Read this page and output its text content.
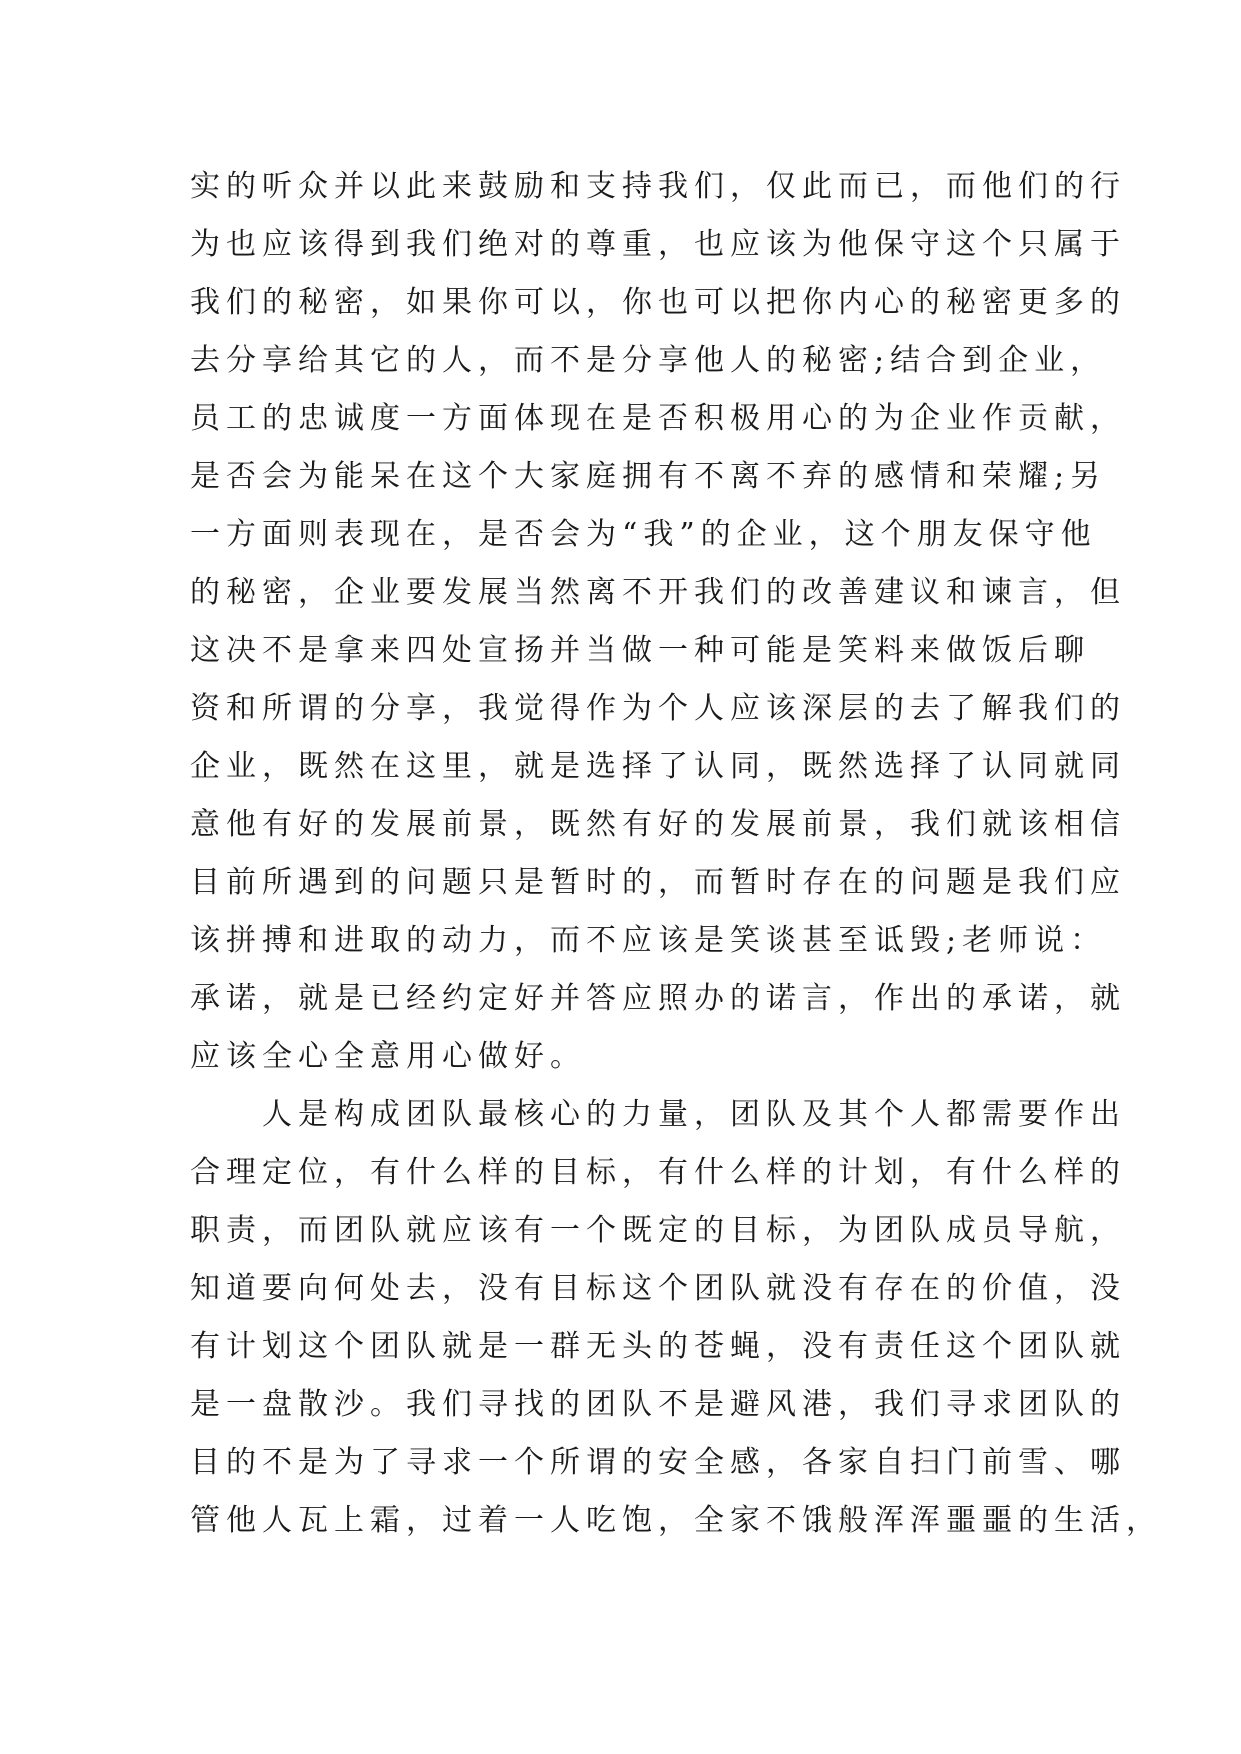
实的听众并以此来鼓励和支持我们，仅此而已，而他们的行
为也应该得到我们绝对的尊重，也应该为他保守这个只属于
我们的秘密，如果你可以，你也可以把你内心的秘密更多的
去分享给其它的人，而不是分享他人的秘密;结合到企业，
员工的忠诚度一方面体现在是否积极用心的为企业作贡献，
是否会为能呆在这个大家庭拥有不离不弃的感情和荣耀;另
一方面则表现在，是否会为“我”的企业，这个朋友保守他
的秘密，企业要发展当然离不开我们的改善建议和谏言，但
这决不是拿来四处宣扬并当做一种可能是笑料来做饭后聊
资和所谓的分享，我觉得作为个人应该深层的去了解我们的
企业，既然在这里，就是选择了认同，既然选择了认同就同
意他有好的发展前景，既然有好的发展前景，我们就该相信
目前所遇到的问题只是暂时的，而暂时存在的问题是我们应
该拼搏和进取的动力，而不应该是笑谈甚至诋毁;老师说：
承诺，就是已经约定好并答应照办的诺言，作出的承诺，就
应该全心全意用心做好。
　　人是构成团队最核心的力量，团队及其个人都需要作出
合理定位，有什么样的目标，有什么样的计划，有什么样的
职责，而团队就应该有一个既定的目标，为团队成员导航，
知道要向何处去，没有目标这个团队就没有存在的价值，没
有计划这个团队就是一群无头的苍蝇，没有责任这个团队就
是一盘散沙。我们寻找的团队不是避风港，我们寻求团队的
目的不是为了寻求一个所谓的安全感，各家自扫门前雪、哪
管他人瓦上霜，过着一人吃饱，全家不饿般浑浑噩噩的生活，
